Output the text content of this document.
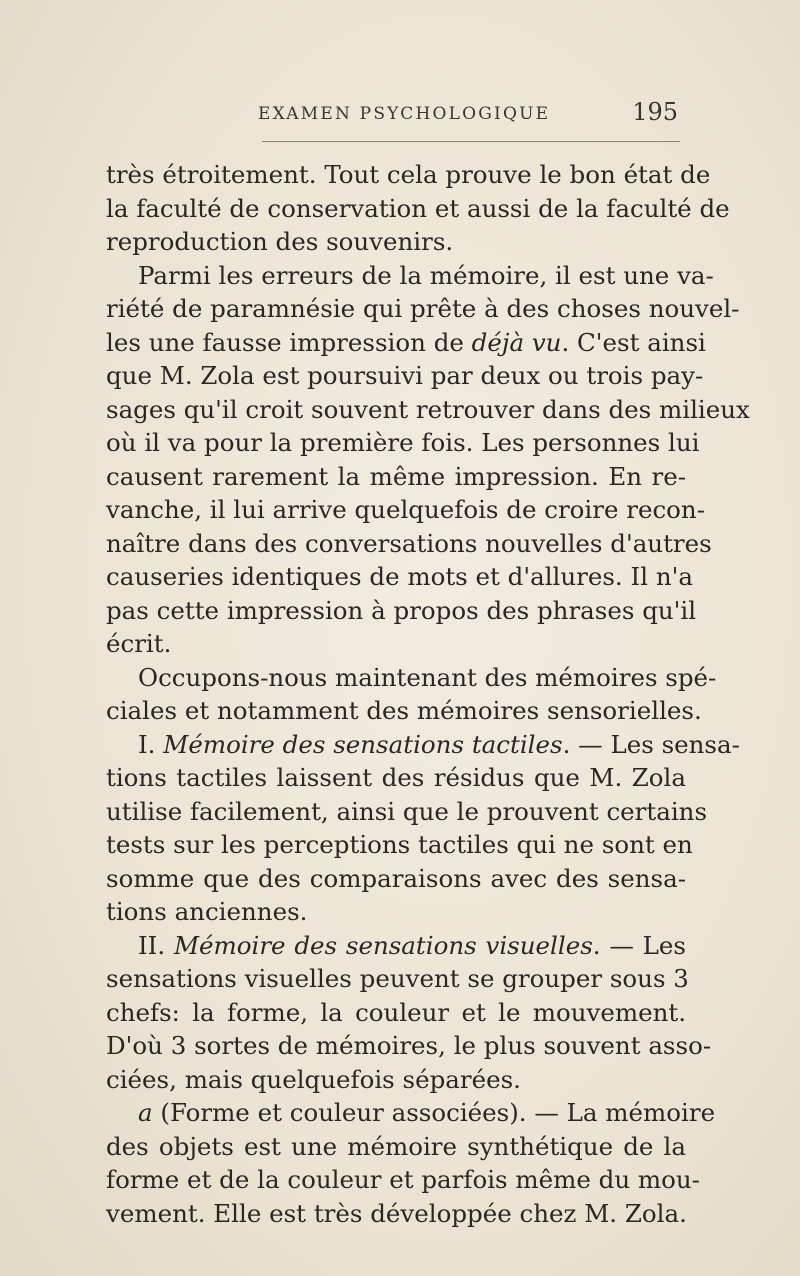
EXAMEN PSYCHOLOGIQUE	195
très étroitement. Tout cela prouve le bon état de
la faculté de conservation et aussi de la faculté de
reproduction des souvenirs.
Parmi les erreurs de la mémoire, il est une va-
riété de paramnésie qui prête à des choses nouvel-
les une fausse impression de déjà vu. C'est ainsi
que M. Zola est poursuivi par deux ou trois pay-
sages qu'il croit souvent retrouver dans des milieux
où il va pour la première fois. Les personnes lui
causent rarement la même impression. En re-
vanche, il lui arrive quelquefois de croire recon-
naître dans des conversations nouvelles d'autres
causeries identiques de mots et d'allures. Il n'a
pas cette impression à propos des phrases qu'il
écrit.
Occupons-nous maintenant des mémoires spé-
ciales et notamment des mémoires sensorielles.
I. Mémoire des sensations tactiles. — Les sensa-
tions tactiles laissent des résidus que M. Zola
utilise facilement, ainsi que le prouvent certains
tests sur les perceptions tactiles qui ne sont en
somme que des comparaisons avec des sensa-
tions anciennes.
II. Mémoire des sensations visuelles. — Les
sensations visuelles peuvent se grouper sous 3
chefs: la forme, la couleur et le mouvement.
D'où 3 sortes de mémoires, le plus souvent asso-
ciées, mais quelquefois séparées.
a (Forme et couleur associées). — La mémoire
des objets est une mémoire synthétique de la
forme et de la couleur et parfois même du mou-
vement. Elle est très développée chez M. Zola.
